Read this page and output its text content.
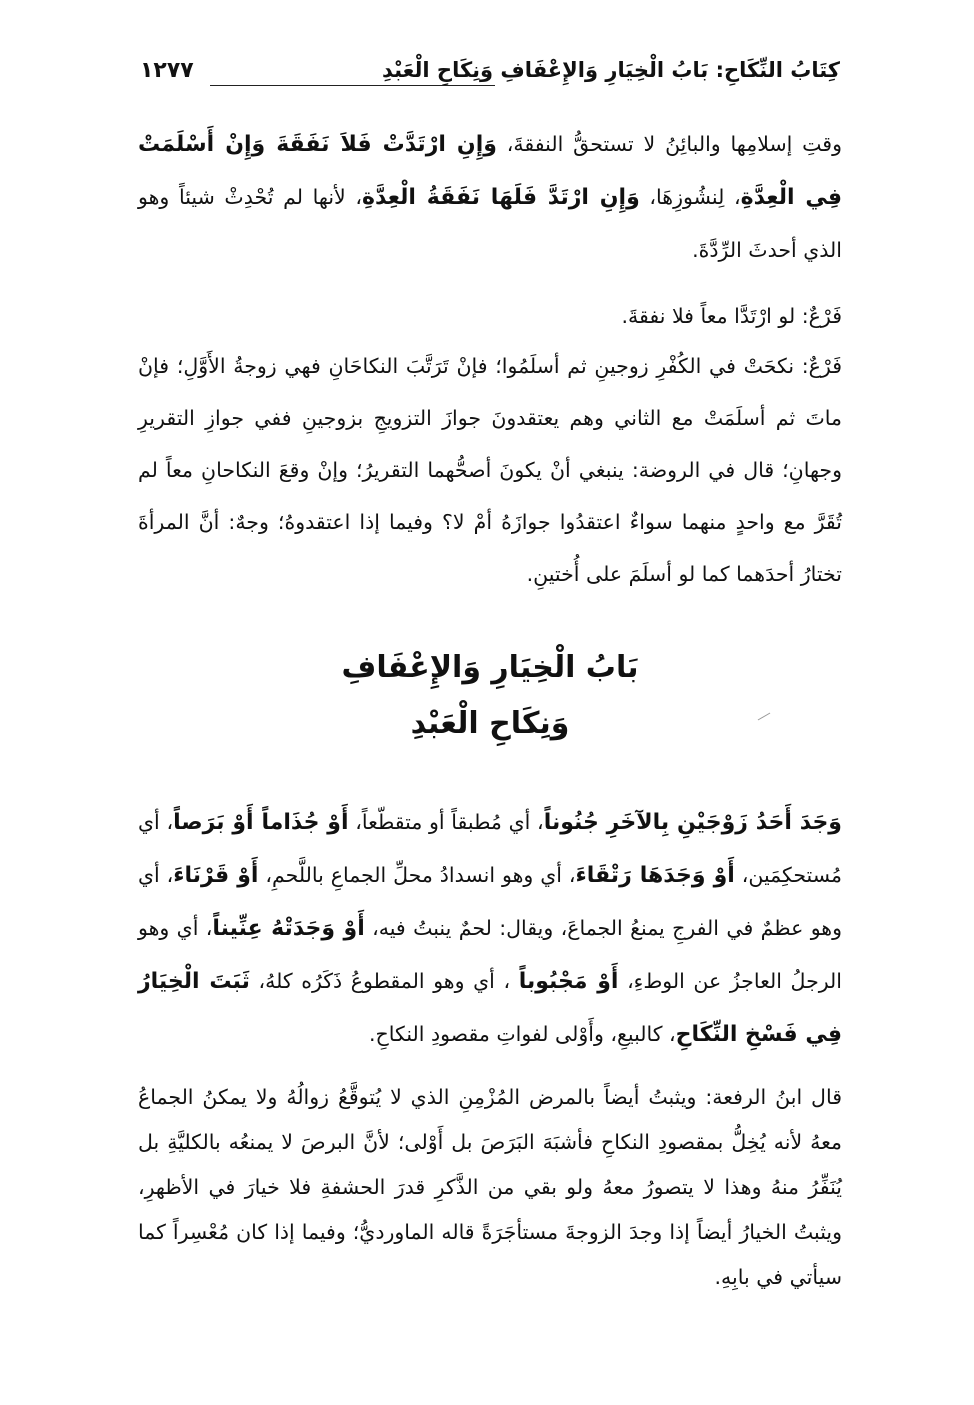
كِتَابُ النِّكَاحِ: بَابُ الْخِيَارِ وَالإِعْفَافِ وَنِكَاحِ الْعَبْدِ
١٢٧٧

وقتِ إسلامِها والبائِنُ لا تستحقُّ النفقةَ، وَإِنِ ارْتَدَّتْ فَلاَ نَفَقَةَ وَإِنْ أَسْلَمَتْ فِي الْعِدَّةِ، لِنشُوزِهَا، وَإِنِ ارْتَدَّ فَلَهَا نَفَقَةُ الْعِدَّةِ، لأنها لم تُحْدِثْ شيئاً وهو الذي أحدثَ الرِّدَّةَ.

فَرْعٌ: لو ارْتَدَّا معاً فلا نفقةَ.

فَرْعٌ: نكحَتْ في الكُفْرِ زوجينِ ثم أسلَمُوا؛ فإنْ تَرَتَّبَ النكاحَانِ فهي زوجةُ الأَوَّلِ؛ فإنْ ماتَ ثم أسلَمَتْ مع الثاني وهم يعتقدونَ جوازَ التزويجِ بزوجينِ ففي جوازِ التقريرِ وجهانِ؛ قال في الروضة: ينبغي أنْ يكونَ أصحُّهما التقريرُ؛ وإنْ وقعَ النكاحانِ معاً لم تُقَرَّ مع واحدٍ منهما سواءٌ اعتقدُوا جوازَهُ أمْ لا؟ وفيما إذا اعتقدوهُ؛ وجهٌ: أنَّ المرأةَ تختارُ أحدَهما كما لو أسلَمَ على أُختينِ.

بَابُ الْخِيَارِ وَالإِعْفَافِ
وَنِكَاحِ الْعَبْدِ

وَجَدَ أَحَدُ زَوْجَيْنِ بِالآخَرِ جُنُوناً، أي مُطبقاً أو متقطّعاً، أَوْ جُذَاماً أَوْ بَرَصاً، أي مُستحكِمَين، أَوْ وَجَدَهَا رَتْقَاءَ، أي وهو انسدادُ محلِّ الجماعِ باللَّحمِ، أَوْ قَرْنَاءَ، أي وهو عظمٌ في الفرجِ يمنعُ الجماعَ، ويقال: لحمٌ ينبتُ فيه، أَوْ وَجَدَتْهُ عِنِّيناً، أي وهو الرجلُ العاجزُ عن الوطءِ، أَوْ مَجْبُوباً ، أي وهو المقطوعُ ذَكَرُه كلهُ، ثَبَتَ الْخِيَارُ فِي فَسْخِ النِّكَاحِ، كالبيعِ، وأَوْلى لفواتِ مقصودِ النكاحِ.

قال ابنُ الرفعة: ويثبتُ أيضاً بالمرض المُزْمِنِ الذي لا يُتوقَّعُ زوالُهُ ولا يمكنُ الجماعُ معهُ لأنه يُخِلُّ بمقصودِ النكاحِ فأشبَهَ البَرَصَ بل أَوْلى؛ لأنَّ البرصَ لا يمنعُه بالكليَّةِ بل يُنَفِّرُ منهُ وهذا لا يتصورُ معهُ ولو بقي من الذَّكرِ قدرَ الحشفةِ فلا خيارَ في الأظهرِ، ويثبتُ الخيارُ أيضاً إذا وجدَ الزوجةَ مستأجَرَةً قاله الماورديُّ؛ وفيما إذا كان مُعْسِراً كما سيأتي في بابِهِ.
